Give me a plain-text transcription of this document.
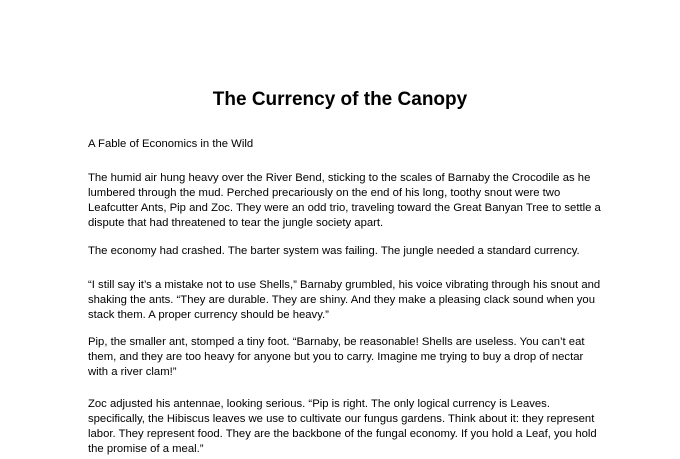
The Currency of the Canopy

A Fable of Economics in the Wild

The humid air hung heavy over the River Bend, sticking to the scales of Barnaby the Crocodile as he
lumbered through the mud. Perched precariously on the end of his long, toothy snout were two
Leafcutter Ants, Pip and Zoc. They were an odd trio, traveling toward the Great Banyan Tree to settle a
dispute that had threatened to tear the jungle society apart.
The economy had crashed. The barter system was failing. The jungle needed a standard currency.
“I still say it’s a mistake not to use Shells,” Barnaby grumbled, his voice vibrating through his snout and
shaking the ants. “They are durable. They are shiny. And they make a pleasing clack sound when you
stack them. A proper currency should be heavy.”
Pip, the smaller ant, stomped a tiny foot. “Barnaby, be reasonable! Shells are useless. You can’t eat
them, and they are too heavy for anyone but you to carry. Imagine me trying to buy a drop of nectar
with a river clam!”
Zoc adjusted his antennae, looking serious. “Pip is right. The only logical currency is Leaves.
specifically, the Hibiscus leaves we use to cultivate our fungus gardens. Think about it: they represent
labor. They represent food. They are the backbone of the fungal economy. If you hold a Leaf, you hold
the promise of a meal.”
